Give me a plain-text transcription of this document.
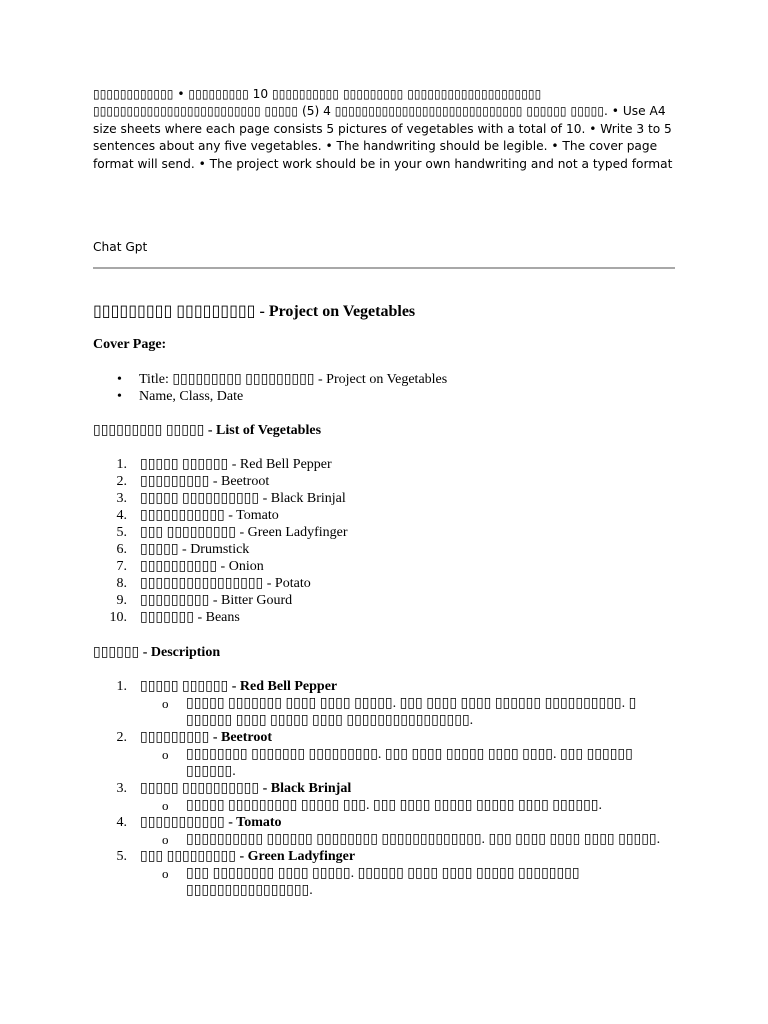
▯▯▯▯▯▯▯▯▯▯▯▯ • ▯▯▯▯▯▯▯▯▯ 10 ▯▯▯▯▯▯▯▯▯▯ ▯▯▯▯▯▯▯▯▯ ▯▯▯▯▯▯▯▯▯▯▯▯▯▯▯▯▯▯▯▯ ▯▯▯▯▯▯▯▯▯▯▯▯▯▯▯▯▯▯▯▯▯▯▯▯▯ ▯▯▯▯▯ (5) 4 ▯▯▯▯▯▯▯▯▯▯▯▯▯▯▯▯▯▯▯▯▯▯▯▯▯▯▯▯ ▯▯▯▯▯▯ ▯▯▯▯▯. • Use A4 size sheets where each page consists 5 pictures of vegetables with a total of 10. • Write 3 to 5 sentences about any five vegetables. • The handwriting should be legible. • The cover page format will send. • The project work should be in your own handwriting and not a typed format
Chat Gpt
▯▯▯▯▯▯▯▯▯ ▯▯▯▯▯▯▯▯▯ - Project on Vegetables
Cover Page:
• Title: ▯▯▯▯▯▯▯▯▯ ▯▯▯▯▯▯▯▯▯ - Project on Vegetables
• Name, Class, Date
▯▯▯▯▯▯▯▯▯ ▯▯▯▯▯ - List of Vegetables
1. ▯▯▯▯▯ ▯▯▯▯▯▯ - Red Bell Pepper
2. ▯▯▯▯▯▯▯▯▯ - Beetroot
3. ▯▯▯▯▯ ▯▯▯▯▯▯▯▯▯▯ - Black Brinjal
4. ▯▯▯▯▯▯▯▯▯▯▯ - Tomato
5. ▯▯▯ ▯▯▯▯▯▯▯▯▯ - Green Ladyfinger
6. ▯▯▯▯▯ - Drumstick
7. ▯▯▯▯▯▯▯▯▯▯ - Onion
8. ▯▯▯▯▯▯▯▯▯▯▯▯▯▯▯▯ - Potato
9. ▯▯▯▯▯▯▯▯▯ - Bitter Gourd
10. ▯▯▯▯▯▯▯ - Beans
▯▯▯▯▯▯ - Description
1. ▯▯▯▯▯ ▯▯▯▯▯▯ - Red Bell Pepper
o ▯▯▯▯▯ ▯▯▯▯▯▯▯ ▯▯▯▯ ▯▯▯▯ ▯▯▯▯▯. ▯▯▯ ▯▯▯▯ ▯▯▯▯ ▯▯▯▯▯▯ ▯▯▯▯▯▯▯▯▯▯. ▯ ▯▯▯▯▯▯ ▯▯▯▯ ▯▯▯▯▯ ▯▯▯▯ ▯▯▯▯▯▯▯▯▯▯▯▯▯▯▯▯.
2. ▯▯▯▯▯▯▯▯▯ - Beetroot
o ▯▯▯▯▯▯▯▯ ▯▯▯▯▯▯▯ ▯▯▯▯▯▯▯▯▯. ▯▯▯ ▯▯▯▯ ▯▯▯▯▯ ▯▯▯▯ ▯▯▯▯. ▯▯▯ ▯▯▯▯▯▯ ▯▯▯▯▯▯.
3. ▯▯▯▯▯ ▯▯▯▯▯▯▯▯▯▯ - Black Brinjal
o ▯▯▯▯▯ ▯▯▯▯▯▯▯▯▯ ▯▯▯▯▯ ▯▯▯. ▯▯▯ ▯▯▯▯ ▯▯▯▯▯ ▯▯▯▯▯ ▯▯▯▯ ▯▯▯▯▯▯.
4. ▯▯▯▯▯▯▯▯▯▯▯ - Tomato
o ▯▯▯▯▯▯▯▯▯▯ ▯▯▯▯▯▯ ▯▯▯▯▯▯▯▯ ▯▯▯▯▯▯▯▯▯▯▯▯▯. ▯▯▯ ▯▯▯▯ ▯▯▯▯ ▯▯▯▯ ▯▯▯▯▯.
5. ▯▯▯ ▯▯▯▯▯▯▯▯▯ - Green Ladyfinger
o ▯▯▯ ▯▯▯▯▯▯▯▯ ▯▯▯▯ ▯▯▯▯▯. ▯▯▯▯▯▯ ▯▯▯▯ ▯▯▯▯ ▯▯▯▯▯ ▯▯▯▯▯▯▯▯ ▯▯▯▯▯▯▯▯▯▯▯▯▯▯▯▯.
